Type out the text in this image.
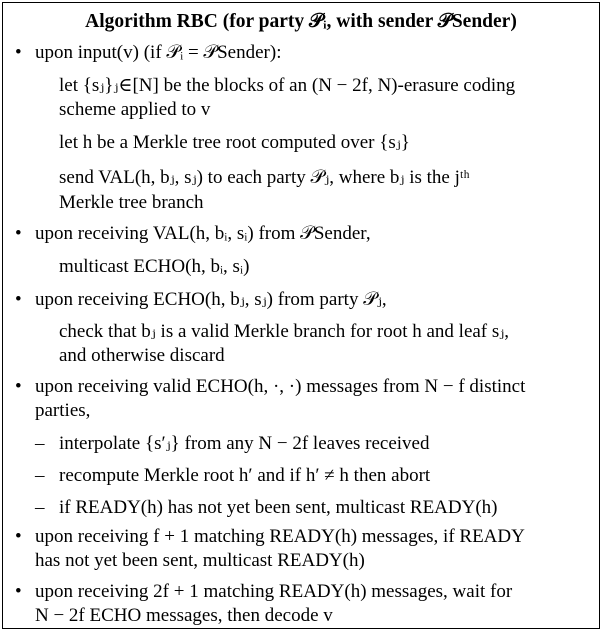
Algorithm RBC (for party 𝒫ᵢ, with sender 𝒫Sender)
• upon input(v) (if 𝒫ᵢ = 𝒫Sender):
let {sⱼ}ⱼ∈[N] be the blocks of an (N − 2f, N)-erasure coding
scheme applied to v
let h be a Merkle tree root computed over {sⱼ}
send VAL(h, bⱼ, sⱼ) to each party 𝒫ⱼ, where bⱼ is the jᵗʰ
Merkle tree branch
• upon receiving VAL(h, bᵢ, sᵢ) from 𝒫Sender,
multicast ECHO(h, bᵢ, sᵢ)
• upon receiving ECHO(h, bⱼ, sⱼ) from party 𝒫ⱼ,
check that bⱼ is a valid Merkle branch for root h and leaf sⱼ,
and otherwise discard
• upon receiving valid ECHO(h, ·, ·) messages from N − f distinct
parties,
– interpolate {s′ⱼ} from any N − 2f leaves received
– recompute Merkle root h′ and if h′ ≠ h then abort
– if READY(h) has not yet been sent, multicast READY(h)
• upon receiving f + 1 matching READY(h) messages, if READY
has not yet been sent, multicast READY(h)
• upon receiving 2f + 1 matching READY(h) messages, wait for
N − 2f ECHO messages, then decode v
